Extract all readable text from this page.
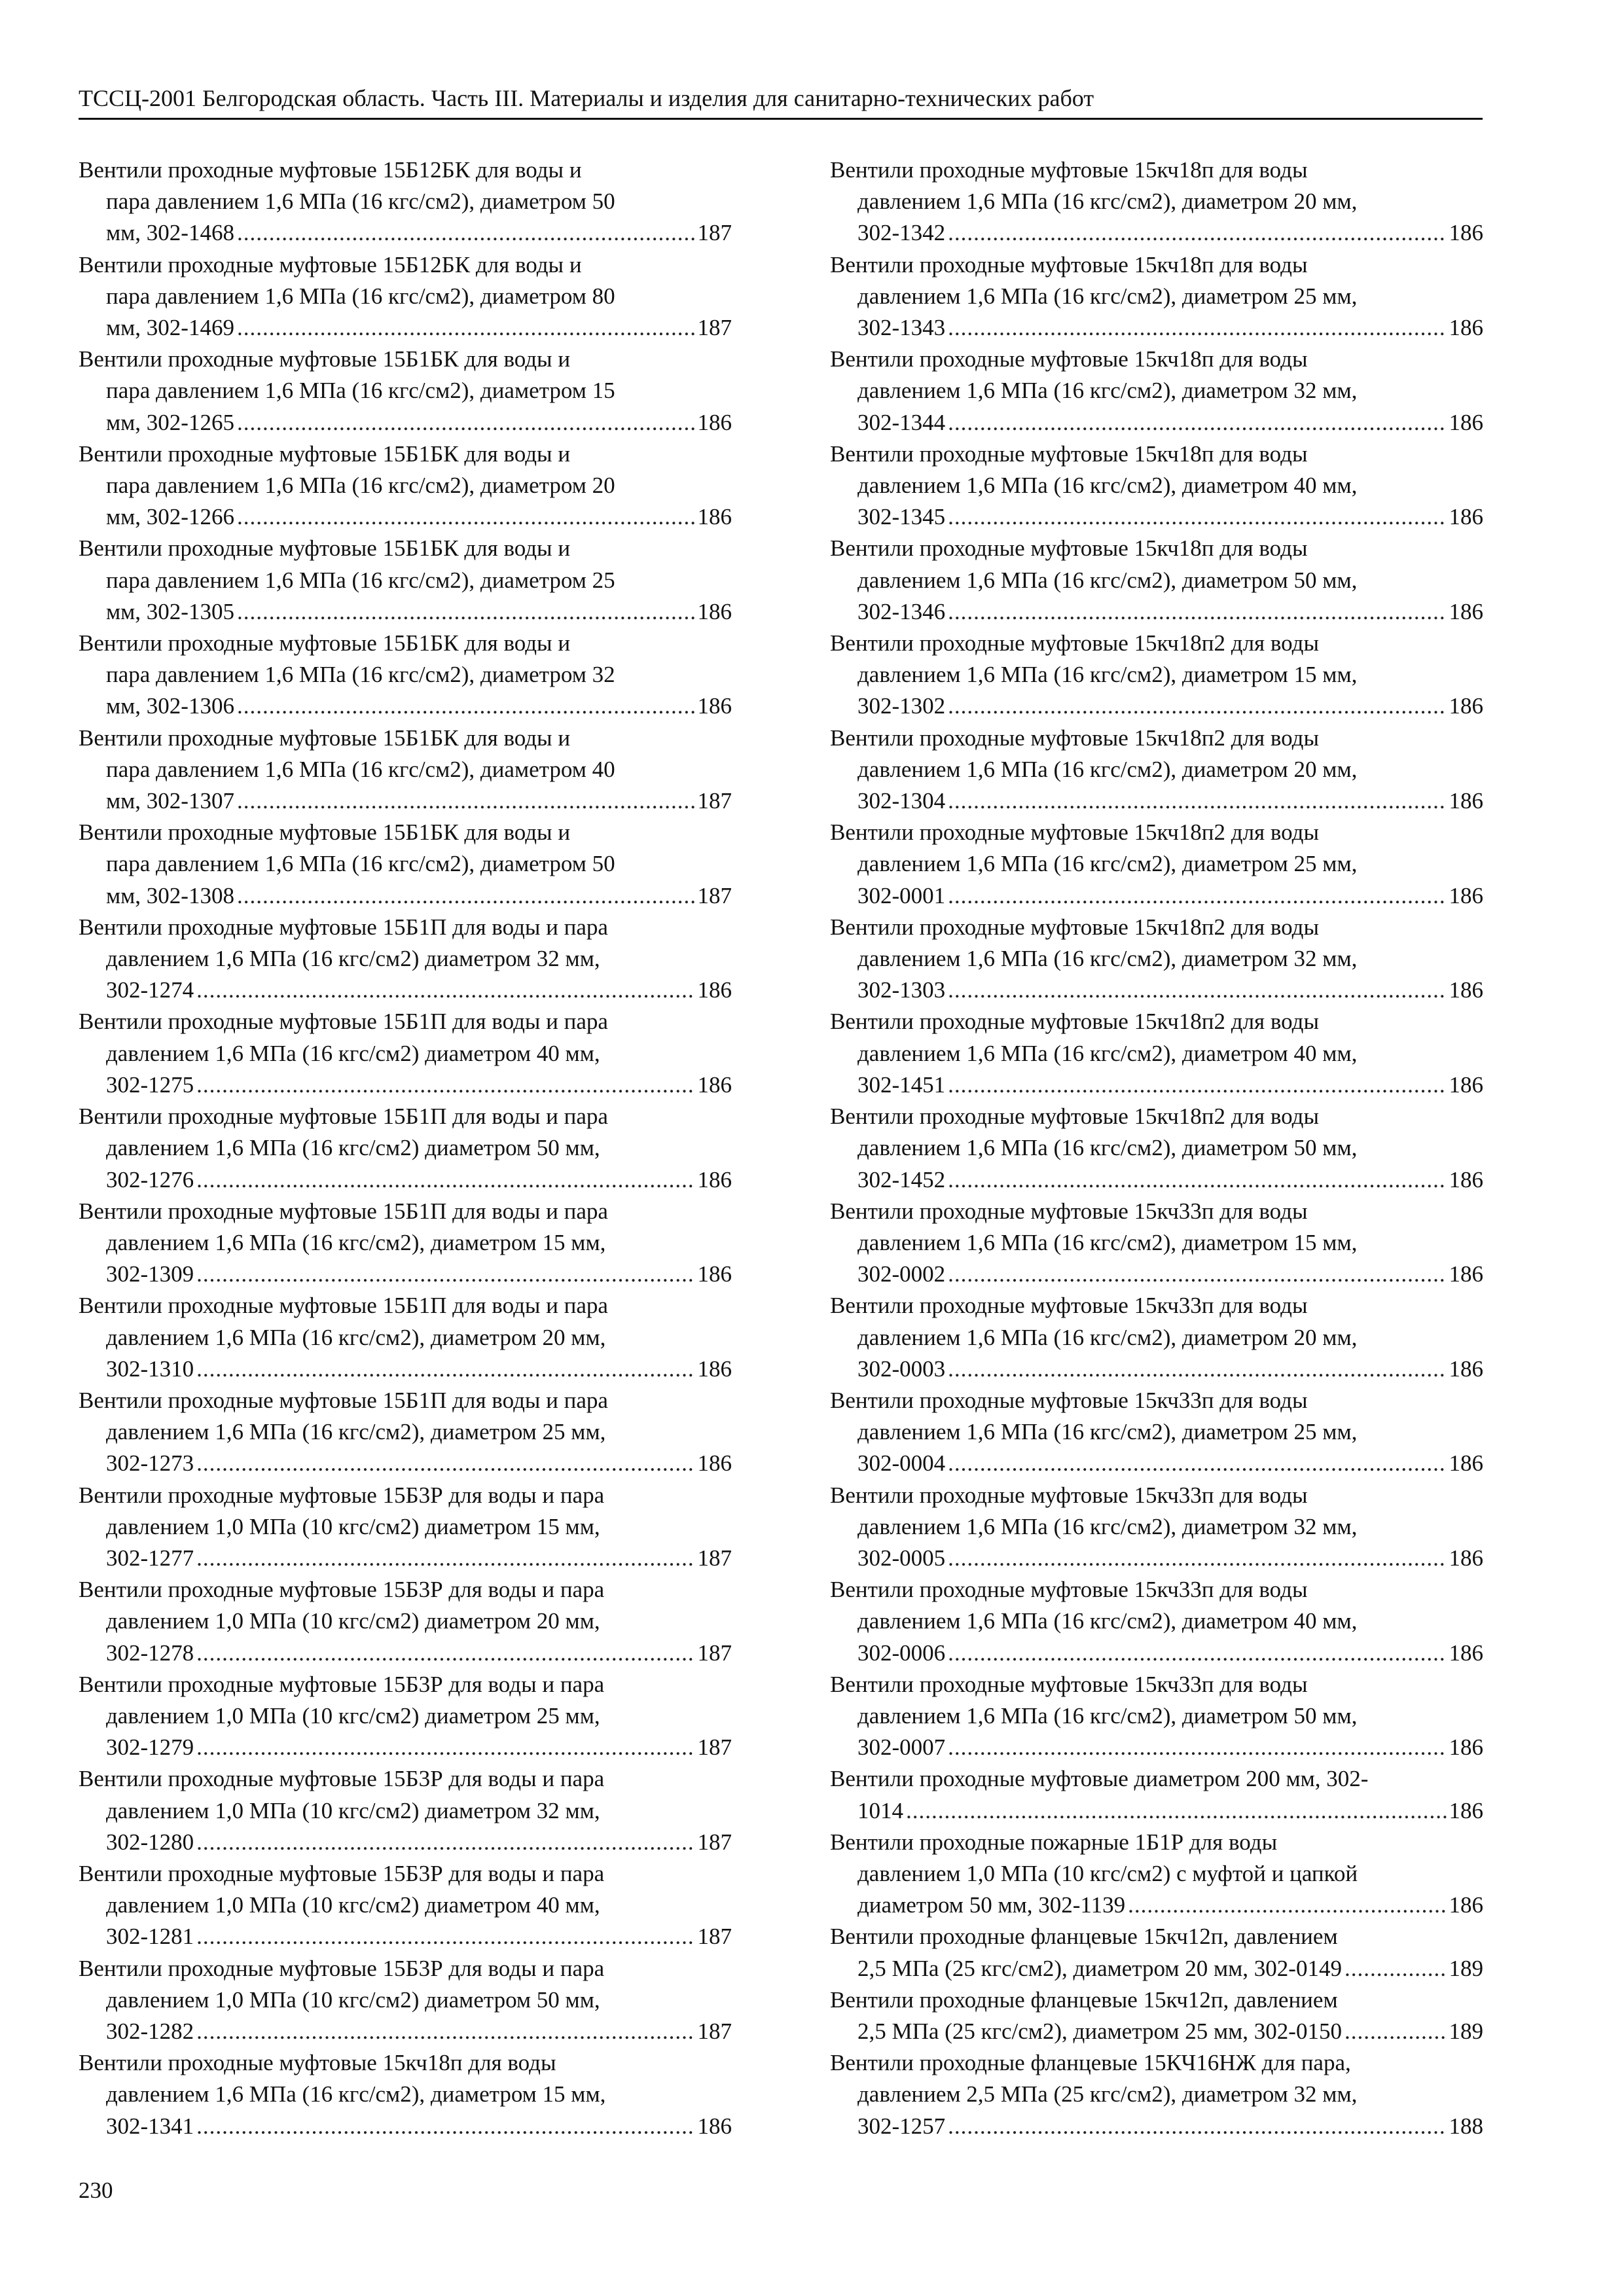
ТССЦ-2001 Белгородская область. Часть III. Материалы и изделия для санитарно-технических работ
Вентили проходные муфтовые 15Б12БК для воды и
пара давлением 1,6 МПа (16 кгс/см2), диаметром 50
мм, 302-1468 .....	187
Вентили проходные муфтовые 15Б12БК для воды и
пара давлением 1,6 МПа (16 кгс/см2), диаметром 80
мм, 302-1469 .....	187
Вентили проходные муфтовые 15Б1БК для воды и
пара давлением 1,6 МПа (16 кгс/см2), диаметром 15
мм, 302-1265 .....	186
Вентили проходные муфтовые 15Б1БК для воды и
пара давлением 1,6 МПа (16 кгс/см2), диаметром 20
мм, 302-1266 .....	186
Вентили проходные муфтовые 15Б1БК для воды и
пара давлением 1,6 МПа (16 кгс/см2), диаметром 25
мм, 302-1305 .....	186
Вентили проходные муфтовые 15Б1БК для воды и
пара давлением 1,6 МПа (16 кгс/см2), диаметром 32
мм, 302-1306 .....	186
Вентили проходные муфтовые 15Б1БК для воды и
пара давлением 1,6 МПа (16 кгс/см2), диаметром 40
мм, 302-1307 .....	187
Вентили проходные муфтовые 15Б1БК для воды и
пара давлением 1,6 МПа (16 кгс/см2), диаметром 50
мм, 302-1308 .....	187
Вентили проходные муфтовые 15Б1П для воды и пара
давлением 1,6 МПа (16 кгс/см2) диаметром 32 мм,
302-1274 .....	186
Вентили проходные муфтовые 15Б1П для воды и пара
давлением 1,6 МПа (16 кгс/см2) диаметром 40 мм,
302-1275 .....	186
Вентили проходные муфтовые 15Б1П для воды и пара
давлением 1,6 МПа (16 кгс/см2) диаметром 50 мм,
302-1276 .....	186
Вентили проходные муфтовые 15Б1П для воды и пара
давлением 1,6 МПа (16 кгс/см2), диаметром 15 мм,
302-1309 .....	186
Вентили проходные муфтовые 15Б1П для воды и пара
давлением 1,6 МПа (16 кгс/см2), диаметром 20 мм,
302-1310 .....	186
Вентили проходные муфтовые 15Б1П для воды и пара
давлением 1,6 МПа (16 кгс/см2), диаметром 25 мм,
302-1273 .....	186
Вентили проходные муфтовые 15Б3Р для воды и пара
давлением 1,0 МПа (10 кгс/см2) диаметром 15 мм,
302-1277 .....	187
Вентили проходные муфтовые 15Б3Р для воды и пара
давлением 1,0 МПа (10 кгс/см2) диаметром 20 мм,
302-1278 .....	187
Вентили проходные муфтовые 15Б3Р для воды и пара
давлением 1,0 МПа (10 кгс/см2) диаметром 25 мм,
302-1279 .....	187
Вентили проходные муфтовые 15Б3Р для воды и пара
давлением 1,0 МПа (10 кгс/см2) диаметром 32 мм,
302-1280 .....	187
Вентили проходные муфтовые 15Б3Р для воды и пара
давлением 1,0 МПа (10 кгс/см2) диаметром 40 мм,
302-1281 .....	187
Вентили проходные муфтовые 15Б3Р для воды и пара
давлением 1,0 МПа (10 кгс/см2) диаметром 50 мм,
302-1282 .....	187
Вентили проходные муфтовые 15кч18п для воды
давлением 1,6 МПа (16 кгс/см2), диаметром 15 мм,
302-1341 .....	186
Вентили проходные муфтовые 15кч18п для воды
давлением 1,6 МПа (16 кгс/см2), диаметром 20 мм,
302-1342 .....	186
Вентили проходные муфтовые 15кч18п для воды
давлением 1,6 МПа (16 кгс/см2), диаметром 25 мм,
302-1343 .....	186
Вентили проходные муфтовые 15кч18п для воды
давлением 1,6 МПа (16 кгс/см2), диаметром 32 мм,
302-1344 .....	186
Вентили проходные муфтовые 15кч18п для воды
давлением 1,6 МПа (16 кгс/см2), диаметром 40 мм,
302-1345 .....	186
Вентили проходные муфтовые 15кч18п для воды
давлением 1,6 МПа (16 кгс/см2), диаметром 50 мм,
302-1346 .....	186
Вентили проходные муфтовые 15кч18п2 для воды
давлением 1,6 МПа (16 кгс/см2), диаметром 15 мм,
302-1302 .....	186
Вентили проходные муфтовые 15кч18п2 для воды
давлением 1,6 МПа (16 кгс/см2), диаметром 20 мм,
302-1304 .....	186
Вентили проходные муфтовые 15кч18п2 для воды
давлением 1,6 МПа (16 кгс/см2), диаметром 25 мм,
302-0001 .....	186
Вентили проходные муфтовые 15кч18п2 для воды
давлением 1,6 МПа (16 кгс/см2), диаметром 32 мм,
302-1303 .....	186
Вентили проходные муфтовые 15кч18п2 для воды
давлением 1,6 МПа (16 кгс/см2), диаметром 40 мм,
302-1451 .....	186
Вентили проходные муфтовые 15кч18п2 для воды
давлением 1,6 МПа (16 кгс/см2), диаметром 50 мм,
302-1452 .....	186
Вентили проходные муфтовые 15кч33п для воды
давлением 1,6 МПа (16 кгс/см2), диаметром 15 мм,
302-0002 .....	186
Вентили проходные муфтовые 15кч33п для воды
давлением 1,6 МПа (16 кгс/см2), диаметром 20 мм,
302-0003 .....	186
Вентили проходные муфтовые 15кч33п для воды
давлением 1,6 МПа (16 кгс/см2), диаметром 25 мм,
302-0004 .....	186
Вентили проходные муфтовые 15кч33п для воды
давлением 1,6 МПа (16 кгс/см2), диаметром 32 мм,
302-0005 .....	186
Вентили проходные муфтовые 15кч33п для воды
давлением 1,6 МПа (16 кгс/см2), диаметром 40 мм,
302-0006 .....	186
Вентили проходные муфтовые 15кч33п для воды
давлением 1,6 МПа (16 кгс/см2), диаметром 50 мм,
302-0007 .....	186
Вентили проходные муфтовые диаметром 200 мм, 302-
1014 .....	186
Вентили проходные пожарные 1Б1Р для воды
давлением 1,0 МПа (10 кгс/см2) с муфтой и цапкой
диаметром 50 мм, 302-1139 .....	186
Вентили проходные фланцевые 15кч12п, давлением
2,5 МПа (25 кгс/см2), диаметром 20 мм, 302-0149 .....	189
Вентили проходные фланцевые 15кч12п, давлением
2,5 МПа (25 кгс/см2), диаметром 25 мм, 302-0150 .....	189
Вентили проходные фланцевые 15КЧ16НЖ для пара,
давлением 2,5 МПа (25 кгс/см2), диаметром 32 мм,
302-1257 .....	188
230
